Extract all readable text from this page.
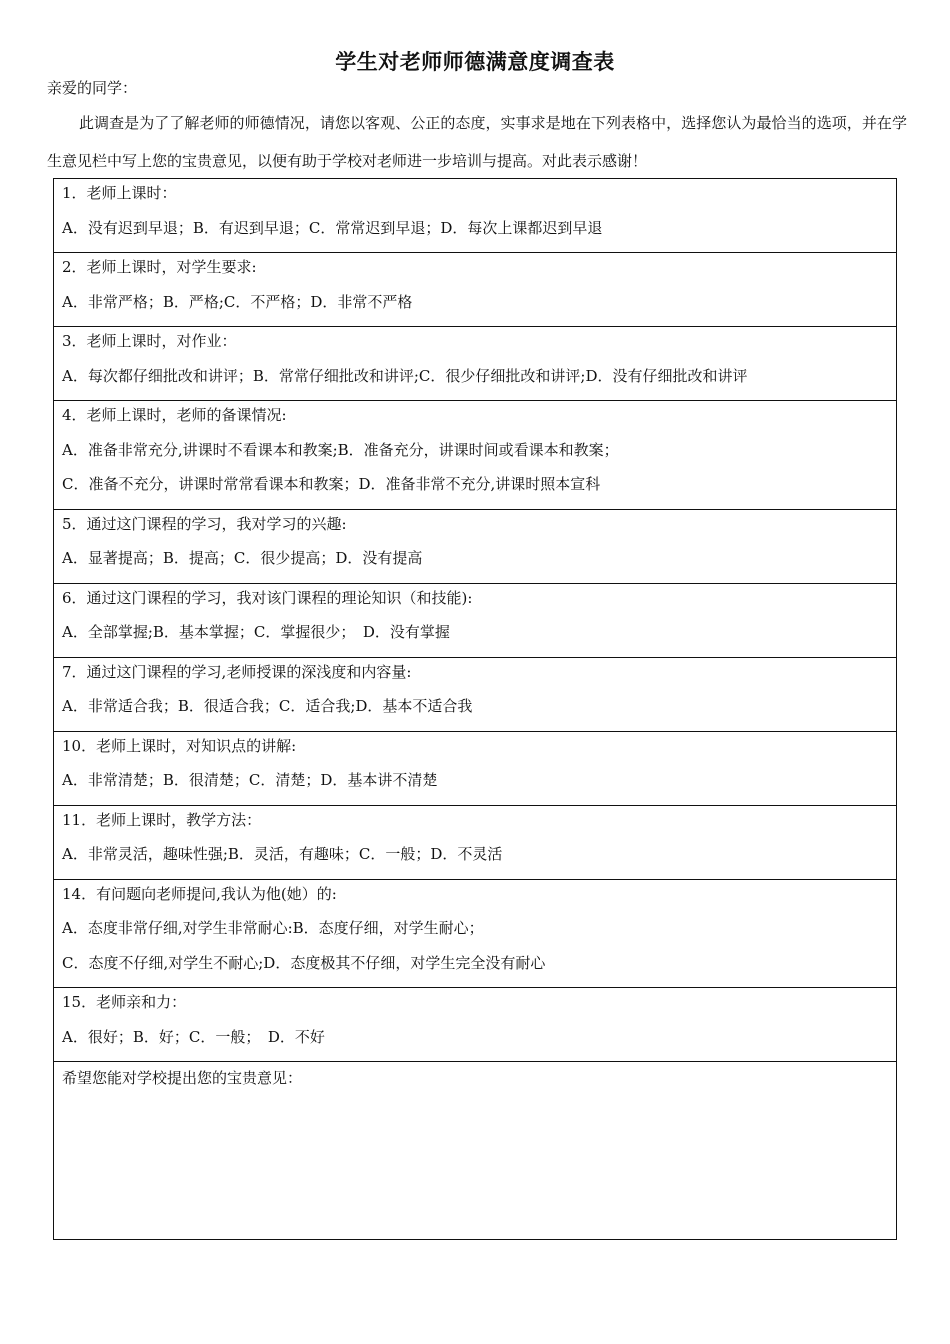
学生对老师师德满意度调查表
亲爱的同学：
此调查是为了了解老师的师德情况，请您以客观、公正的态度，实事求是地在下列表格中，选择您认为最恰当的选项，并在学生意见栏中写上您的宝贵意见，以便有助于学校对老师进一步培训与提高。对此表示感谢！
1．老师上课时：
A．没有迟到早退；B．有迟到早退；C．常常迟到早退；D．每次上课都迟到早退
2．老师上课时，对学生要求:
A．非常严格；B．严格;C．不严格；D．非常不严格
3．老师上课时，对作业：
A．每次都仔细批改和讲评；B．常常仔细批改和讲评;C．很少仔细批改和讲评;D．没有仔细批改和讲评
4．老师上课时，老师的备课情况:
A．准备非常充分,讲课时不看课本和教案;B．准备充分，讲课时间或看课本和教案；
C．准备不充分，讲课时常常看课本和教案；D．准备非常不充分,讲课时照本宣科
5．通过这门课程的学习，我对学习的兴趣:
A．显著提高；B．提高；C．很少提高；D．没有提高
6．通过这门课程的学习，我对该门课程的理论知识（和技能):
A．全部掌握;B．基本掌握；C．掌握很少；　D．没有掌握
7．通过这门课程的学习,老师授课的深浅度和内容量:
A．非常适合我；B．很适合我；C．适合我;D．基本不适合我
10．老师上课时，对知识点的讲解:
A．非常清楚；B．很清楚；C．清楚；D．基本讲不清楚
11．老师上课时，教学方法：
A．非常灵活，趣味性强;B．灵活，有趣味；C．一般；D．不灵活
14．有问题向老师提问,我认为他(她）的:
A．态度非常仔细,对学生非常耐心:B．态度仔细，对学生耐心；
C．态度不仔细,对学生不耐心;D．态度极其不仔细，对学生完全没有耐心
15．老师亲和力：
A．很好；B．好；C．一般；　D．不好
希望您能对学校提出您的宝贵意见：
